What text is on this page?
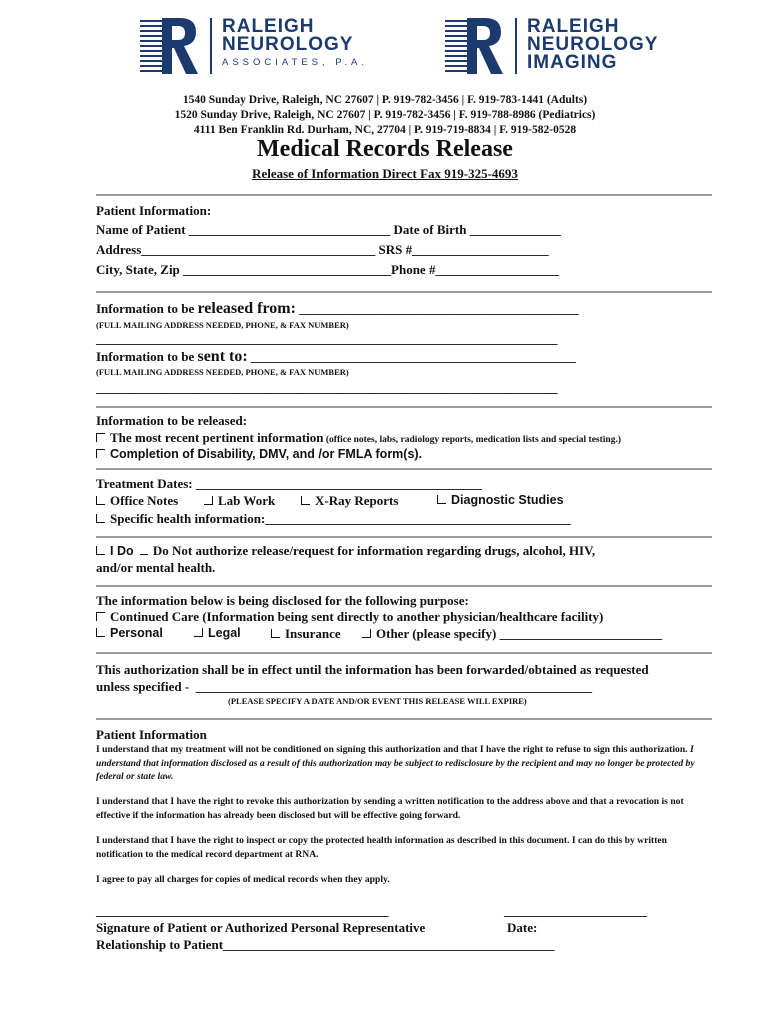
RALEIGH
NEUROLOGY
ASSOCIATES, P.A.
RALEIGH
NEUROLOGY
IMAGING
1540 Sunday Drive, Raleigh, NC 27607 | P. 919-782-3456 | F. 919-783-1441 (Adults)
1520 Sunday Drive, Raleigh, NC 27607 | P. 919-782-3456 | F. 919-788-8986 (Pediatrics)
4111 Ben Franklin Rd. Durham, NC, 27704 | P. 919-719-8834 | F. 919-582-0528
Medical Records Release
Release of Information Direct Fax 919-325-4693
Patient Information:
Name of Patient _______________________________ Date of Birth ______________
Address____________________________________ SRS #_____________________
City, State, Zip ________________________________Phone #___________________
Information to be released from: ___________________________________________
(FULL MAILING ADDRESS NEEDED, PHONE, & FAX NUMBER)
_______________________________________________________________________
Information to be sent to: __________________________________________________
(FULL MAILING ADDRESS NEEDED, PHONE, & FAX NUMBER)
_______________________________________________________________________
Information to be released:
The most recent pertinent information (office notes, labs, radiology reports, medication lists and special testing.)
Completion of Disability, DMV, and /or FMLA form(s).
Treatment Dates: ____________________________________________
Office Notes	Lab Work	X-Ray Reports	Diagnostic Studies
Specific health information:_______________________________________________
I Do Do Not authorize release/request for information regarding drugs, alcohol, HIV,
and/or mental health.
The information below is being disclosed for the following purpose:
Continued Care (Information being sent directly to another physician/healthcare facility)
Personal	Legal	Insurance	Other (please specify) _________________________
This authorization shall be in effect until the information has been forwarded/obtained as requested
unless specified -  _____________________________________________________________
(PLEASE SPECIFY A DATE AND/OR EVENT THIS RELEASE WILL EXPIRE)
Patient Information
I understand that my treatment will not be conditioned on signing this authorization and that I have the right to refuse to sign this authorization. I understand that information disclosed as a result of this authorization may be subject to redisclosure by the recipient and may no longer be protected by federal or state law.
I understand that I have the right to revoke this authorization by sending a written notification to the address above and that a revocation is not effective if the information has already been disclosed but will be effective going forward.
I understand that I have the right to inspect or copy the protected health information as described in this document. I can do this by written notification to the medical record department at RNA.
I agree to pay all charges for copies of medical records when they apply.
_____________________________________________	______________________
Signature of Patient or Authorized Personal Representative	Date:
Relationship to Patient___________________________________________________
